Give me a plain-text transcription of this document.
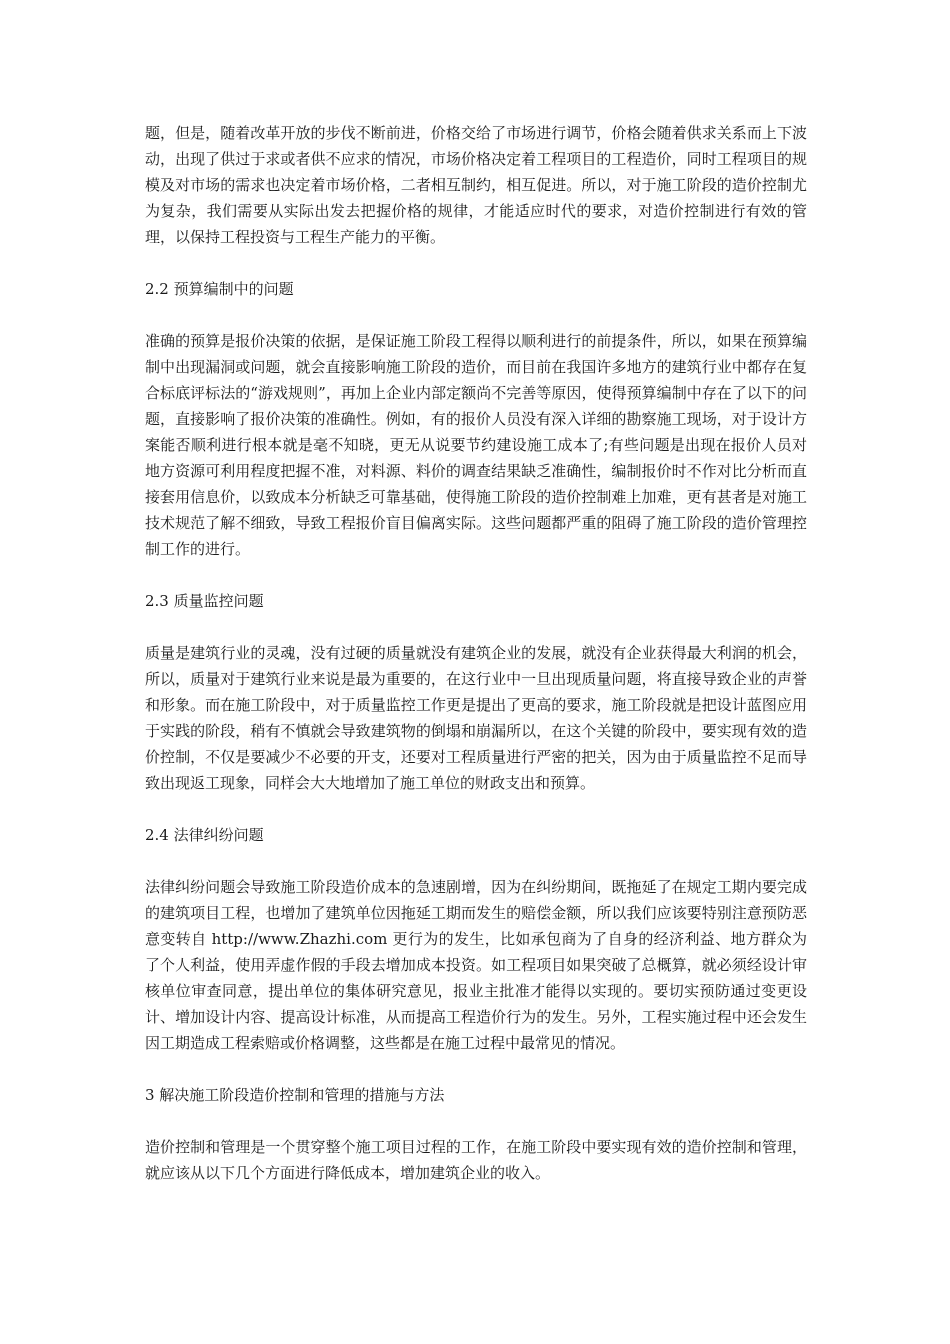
题，但是，随着改革开放的步伐不断前进，价格交给了市场进行调节，价格会随着供求关系而上下波动，出现了供过于求或者供不应求的情况，市场价格决定着工程项目的工程造价，同时工程项目的规模及对市场的需求也决定着市场价格，二者相互制约，相互促进。所以，对于施工阶段的造价控制尤为复杂，我们需要从实际出发去把握价格的规律，才能适应时代的要求，对造价控制进行有效的管理，以保持工程投资与工程生产能力的平衡。

2.2 预算编制中的问题

准确的预算是报价决策的依据，是保证施工阶段工程得以顺利进行的前提条件，所以，如果在预算编制中出现漏洞或问题，就会直接影响施工阶段的造价，而目前在我国许多地方的建筑行业中都存在复合标底评标法的“游戏规则”，再加上企业内部定额尚不完善等原因，使得预算编制中存在了以下的问题，直接影响了报价决策的准确性。例如，有的报价人员没有深入详细的勘察施工现场，对于设计方案能否顺利进行根本就是毫不知晓，更无从说要节约建设施工成本了;有些问题是出现在报价人员对地方资源可利用程度把握不准，对料源、料价的调查结果缺乏准确性，编制报价时不作对比分析而直接套用信息价，以致成本分析缺乏可靠基础，使得施工阶段的造价控制难上加难，更有甚者是对施工技术规范了解不细致，导致工程报价盲目偏离实际。这些问题都严重的阻碍了施工阶段的造价管理控制工作的进行。

2.3 质量监控问题

质量是建筑行业的灵魂，没有过硬的质量就没有建筑企业的发展，就没有企业获得最大利润的机会，所以，质量对于建筑行业来说是最为重要的，在这行业中一旦出现质量问题，将直接导致企业的声誉和形象。而在施工阶段中，对于质量监控工作更是提出了更高的要求，施工阶段就是把设计蓝图应用于实践的阶段，稍有不慎就会导致建筑物的倒塌和崩漏所以，在这个关键的阶段中，要实现有效的造价控制，不仅是要减少不必要的开支，还要对工程质量进行严密的把关，因为由于质量监控不足而导致出现返工现象，同样会大大地增加了施工单位的财政支出和预算。

2.4 法律纠纷问题

法律纠纷问题会导致施工阶段造价成本的急速剧增，因为在纠纷期间，既拖延了在规定工期内要完成的建筑项目工程，也增加了建筑单位因拖延工期而发生的赔偿金额，所以我们应该要特别注意预防恶意变转自 http://www.Zhazhi.com 更行为的发生，比如承包商为了自身的经济利益、地方群众为了个人利益，使用弄虚作假的手段去增加成本投资。如工程项目如果突破了总概算，就必须经设计审核单位审查同意，提出单位的集体研究意见，报业主批准才能得以实现的。要切实预防通过变更设计、增加设计内容、提高设计标准，从而提高工程造价行为的发生。另外，工程实施过程中还会发生因工期造成工程索赔或价格调整，这些都是在施工过程中最常见的情况。

3 解决施工阶段造价控制和管理的措施与方法

造价控制和管理是一个贯穿整个施工项目过程的工作，在施工阶段中要实现有效的造价控制和管理，就应该从以下几个方面进行降低成本，增加建筑企业的收入。
